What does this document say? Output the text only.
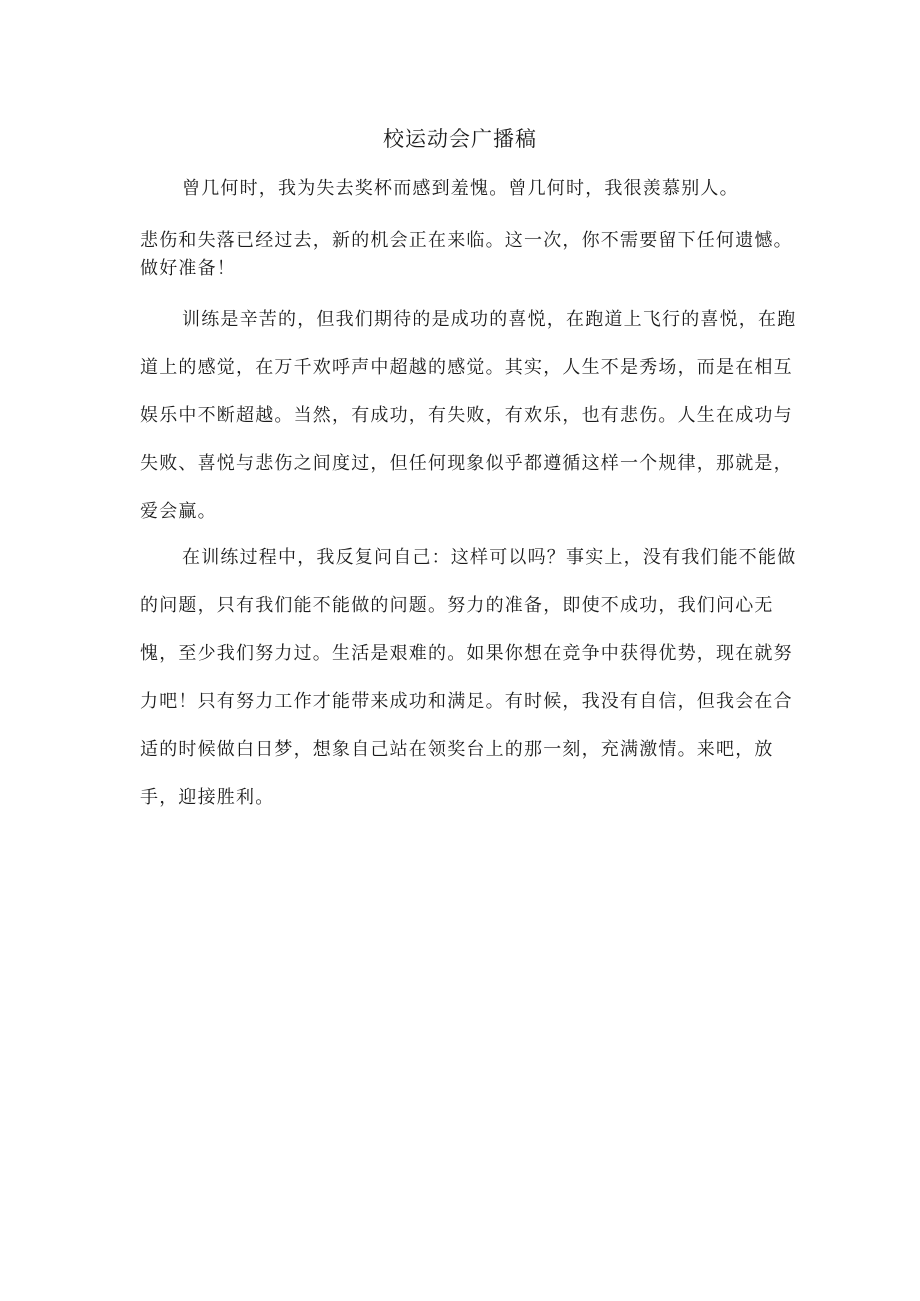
校运动会广播稿

曾几何时，我为失去奖杯而感到羞愧。曾几何时，我很羡慕别人。

悲伤和失落已经过去，新的机会正在来临。这一次，你不需要留下任何遗憾。做好准备！

训练是辛苦的，但我们期待的是成功的喜悦，在跑道上飞行的喜悦，在跑道上的感觉，在万千欢呼声中超越的感觉。其实，人生不是秀场，而是在相互娱乐中不断超越。当然，有成功，有失败，有欢乐，也有悲伤。人生在成功与失败、喜悦与悲伤之间度过，但任何现象似乎都遵循这样一个规律，那就是，爱会赢。

在训练过程中，我反复问自己：这样可以吗？事实上，没有我们能不能做的问题，只有我们能不能做的问题。努力的准备，即使不成功，我们问心无愧，至少我们努力过。生活是艰难的。如果你想在竞争中获得优势，现在就努力吧！只有努力工作才能带来成功和满足。有时候，我没有自信，但我会在合适的时候做白日梦，想象自己站在领奖台上的那一刻，充满激情。来吧，放手，迎接胜利。
